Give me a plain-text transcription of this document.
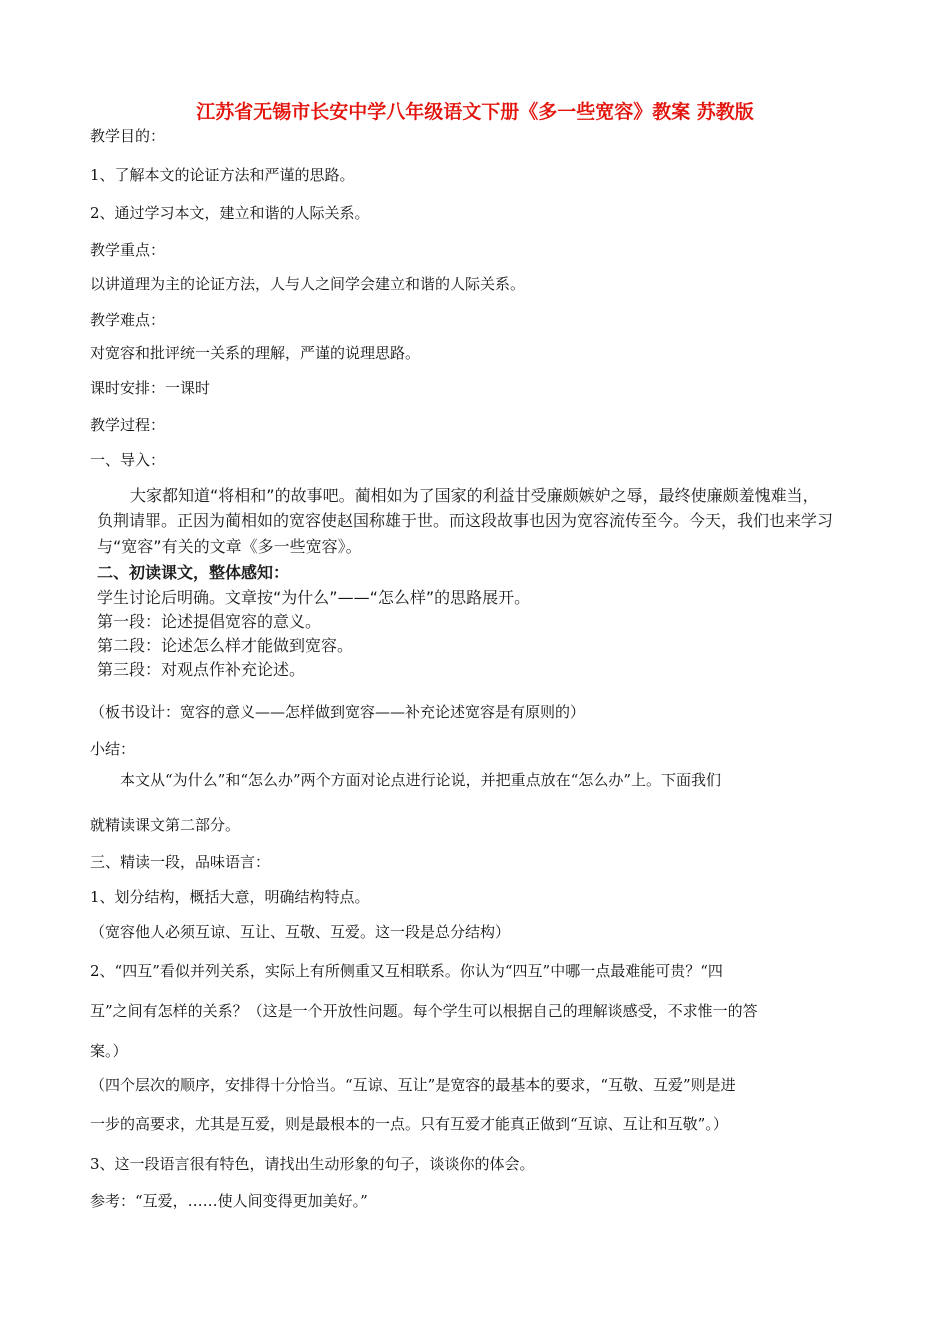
江苏省无锡市长安中学八年级语文下册《多一些宽容》教案 苏教版
教学目的：
1、了解本文的论证方法和严谨的思路。
2、通过学习本文，建立和谐的人际关系。
教学重点：
以讲道理为主的论证方法，人与人之间学会建立和谐的人际关系。
教学难点：
对宽容和批评统一关系的理解，严谨的说理思路。
课时安排：一课时
教学过程：
一、导入：
大家都知道“将相和”的故事吧。蔺相如为了国家的利益甘受廉颇嫉妒之辱，最终使廉颇羞愧难当，
负荆请罪。正因为蔺相如的宽容使赵国称雄于世。而这段故事也因为宽容流传至今。今天，我们也来学习
与“宽容”有关的文章《多一些宽容》。
二、初读课文，整体感知：
学生讨论后明确。文章按“为什么”——“怎么样”的思路展开。
第一段：论述提倡宽容的意义。
第二段：论述怎么样才能做到宽容。
第三段：对观点作补充论述。
（板书设计：宽容的意义——怎样做到宽容——补充论述宽容是有原则的）
小结：
本文从“为什么”和“怎么办”两个方面对论点进行论说，并把重点放在“怎么办”上。下面我们
就精读课文第二部分。
三、精读一段，品味语言：
1、划分结构，概括大意，明确结构特点。
（宽容他人必须互谅、互让、互敬、互爱。这一段是总分结构）
2、“四互”看似并列关系，实际上有所侧重又互相联系。你认为“四互”中哪一点最难能可贵？“四
互”之间有怎样的关系？（这是一个开放性问题。每个学生可以根据自己的理解谈感受，不求惟一的答
案。）
（四个层次的顺序，安排得十分恰当。“互谅、互让”是宽容的最基本的要求，“互敬、互爱”则是进
一步的高要求，尤其是互爱，则是最根本的一点。只有互爱才能真正做到“互谅、互让和互敬”。）
3、这一段语言很有特色，请找出生动形象的句子，谈谈你的体会。
参考：“互爱，……使人间变得更加美好。”
